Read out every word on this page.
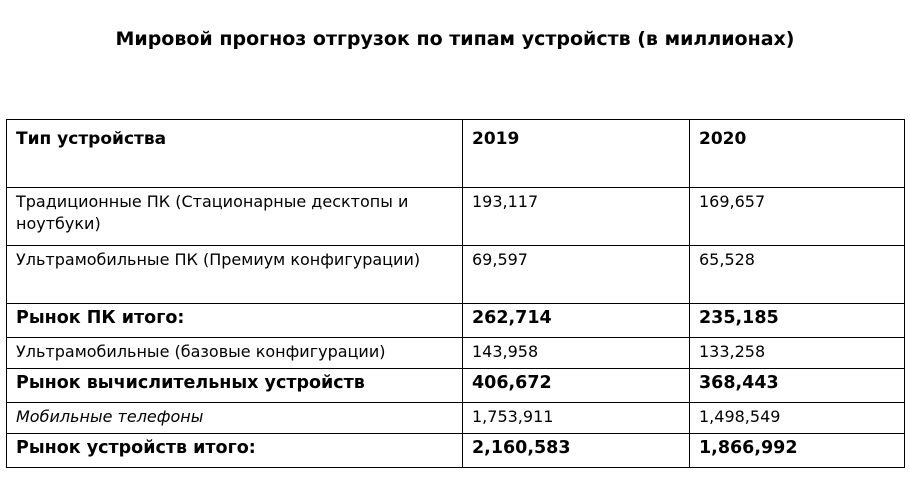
Мировой прогноз отгрузок по типам устройств (в миллионах)
Тип устройства	2019	2020
Традиционные ПК (Стационарные десктопы и ноутбуки)	193,117	169,657
Ультрамобильные ПК (Премиум конфигурации)	69,597	65,528
Рынок ПК итого:	262,714	235,185
Ультрамобильные (базовые конфигурации)	143,958	133,258
Рынок вычислительных устройств	406,672	368,443
Мобильные телефоны	1,753,911	1,498,549
Рынок устройств итого:	2,160,583	1,866,992
